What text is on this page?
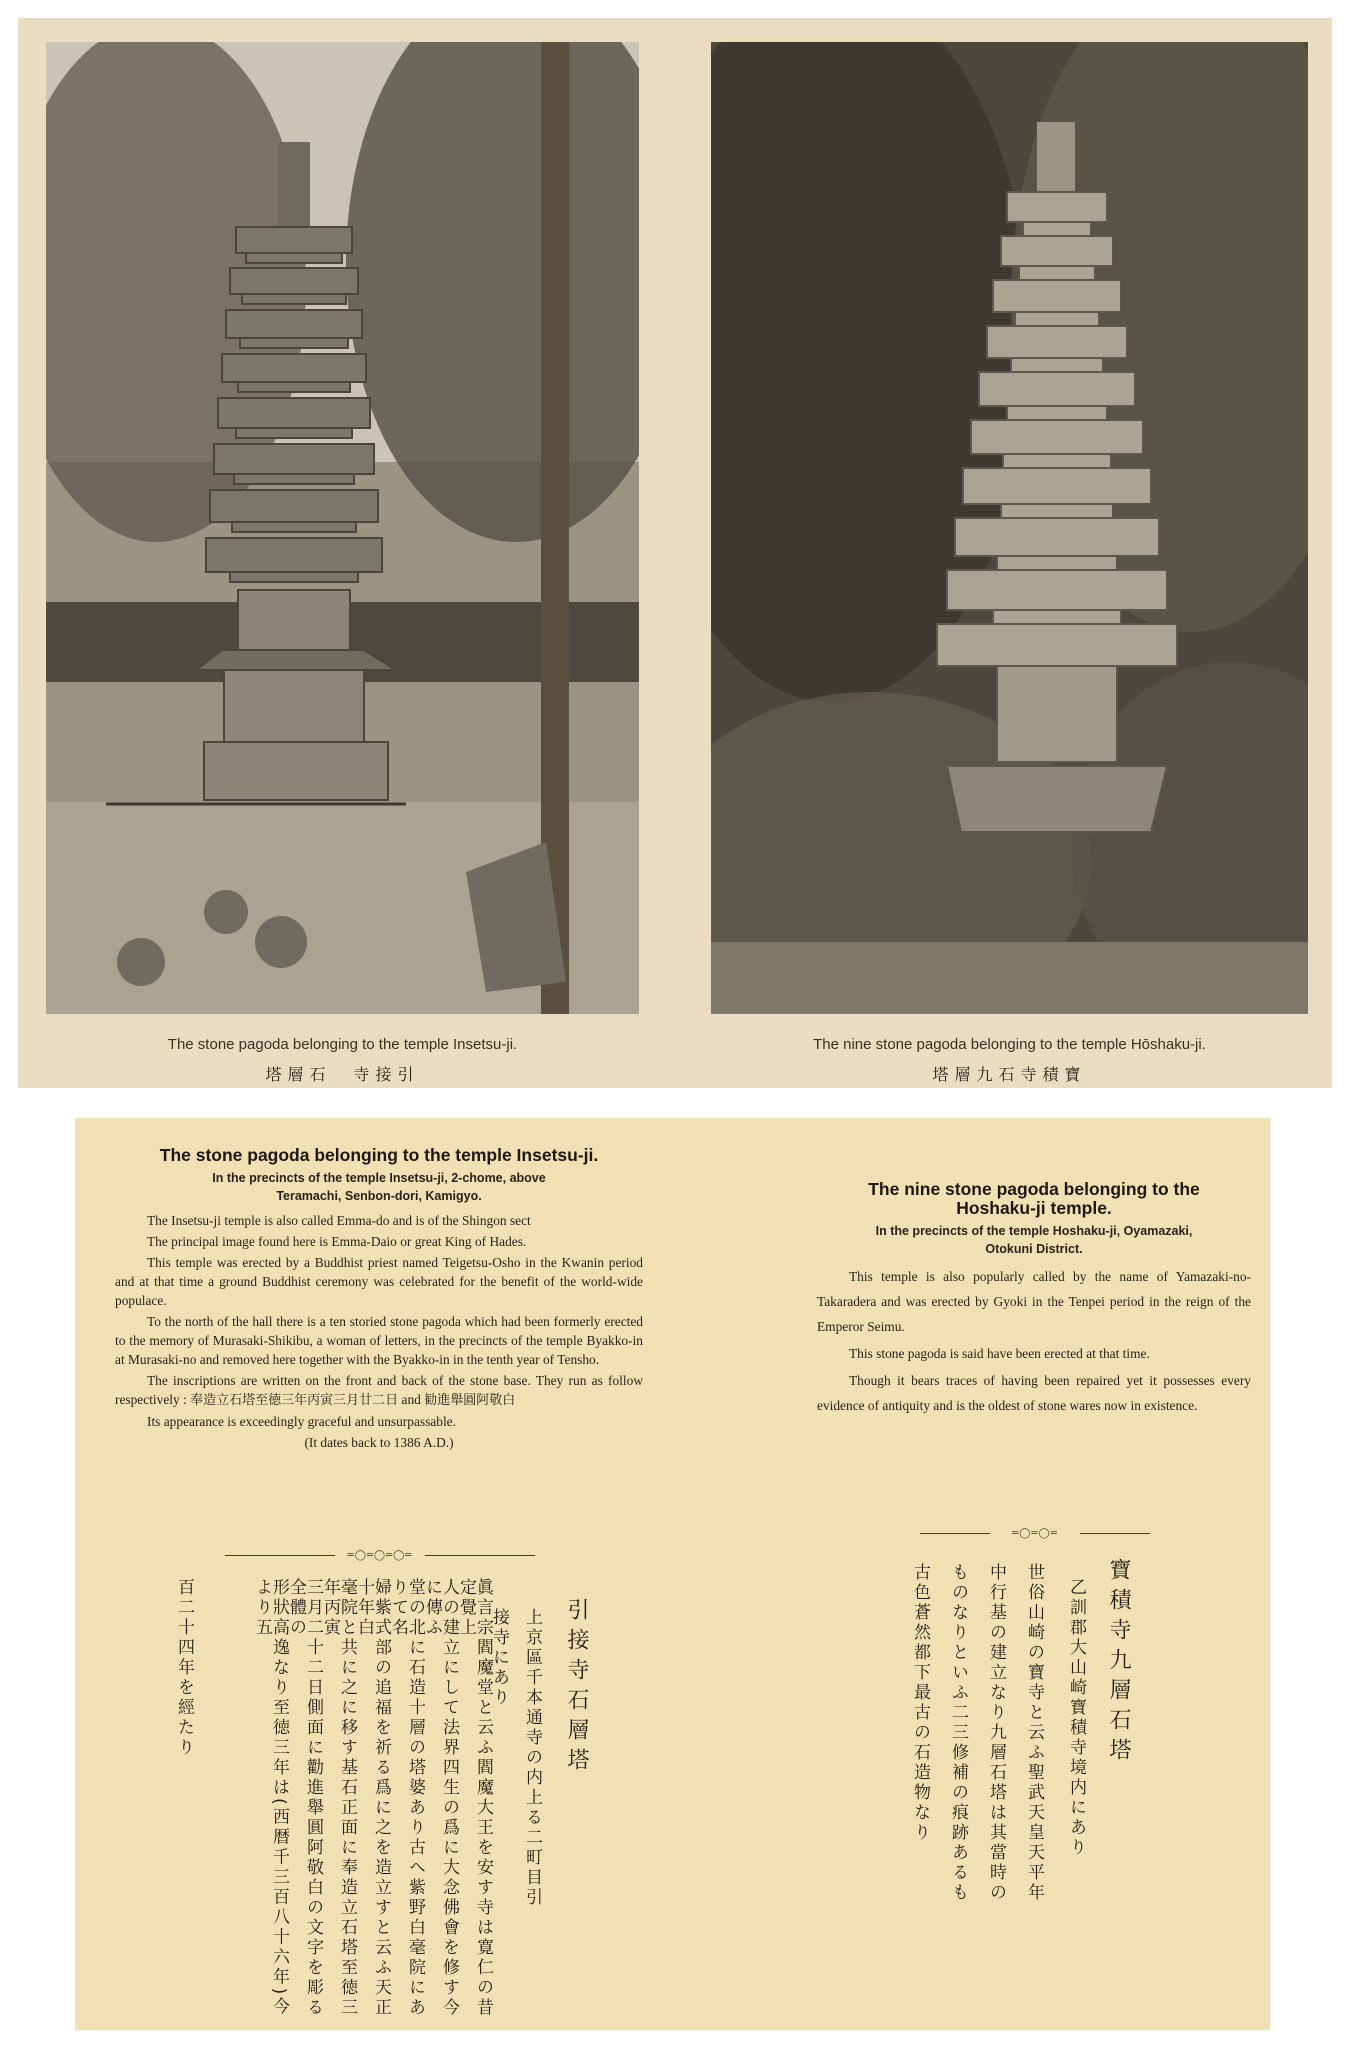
The stone pagoda belonging to the temple Insetsu-ji.
塔層石　寺接引
The nine stone pagoda belonging to the temple Hōshaku-ji.
塔層九石寺積寶
The stone pagoda belonging to the temple Insetsu-ji.
In the precincts of the temple Insetsu-ji, 2-chome, above
Teramachi, Senbon-dori, Kamigyo.

The Insetsu-ji temple is also called Emma-do and is of the Shingon sect

The principal image found here is Emma-Daio or great King of Hades.

This temple was erected by a Buddhist priest named Teigetsu-Osho in the Kwanin period and at that time a ground Buddhist ceremony was celebrated for the benefit of the world-wide populace.

To the north of the hall there is a ten storied stone pagoda which had been formerly erected to the memory of Murasaki-Shikibu, a woman of letters, in the precincts of the temple Byakko-in at Murasaki-no and removed here together with the Byakko-in in the tenth year of Tensho.

The inscriptions are written on the front and back of the stone base. They run as follow respectively : 奉造立石塔至徳三年丙寅三月廿二日 and 勧進舉圓阿敬白

Its appearance is exceedingly graceful and unsurpassable.

(It dates back to 1386 A.D.)

═◯═◯═◯═
The nine stone pagoda belonging to the
Hoshaku-ji temple.
In the precincts of the temple Hoshaku-ji, Oyamazaki,
Otokuni District.

This temple is also popularly called by the name of Yamazaki-no-Takaradera and was erected by Gyoki in the Tenpei period in the reign of the Emperor Seimu.

This stone pagoda is said have been erected at that time.

Though it bears traces of having been repaired yet it possesses every evidence of antiquity and is the oldest of stone wares now in existence.

═◯═◯═
引接寺石層塔
上京區千本通寺の内上る二町目引
接寺にあり
眞言宗閻魔堂と云ふ閻魔大王を安す寺は寛仁の昔定覺上
人の建立にして法界四生の爲に大念佛會を修す今に傳ふ
堂の北に石造十層の塔婆あり古へ紫野白毫院にありて名
婦紫式部の追福を祈る爲に之を造立すと云ふ天正十年白
毫院と共に之に移す基石正面に奉造立石塔至徳三年丙寅
三月二十二日側面に勸進舉圓阿敬白の文字を彫る全體の
形狀高逸なり至徳三年は(西暦千三百八十六年)今より五
百二十四年を經たり	寶積寺九層石塔
乙訓郡大山崎寶積寺境内にあり
世俗山崎の寶寺と云ふ聖武天皇天平年
中行基の建立なり九層石塔は其當時の
ものなりといふ二三修補の痕跡あるも
古色蒼然都下最古の石造物なり
